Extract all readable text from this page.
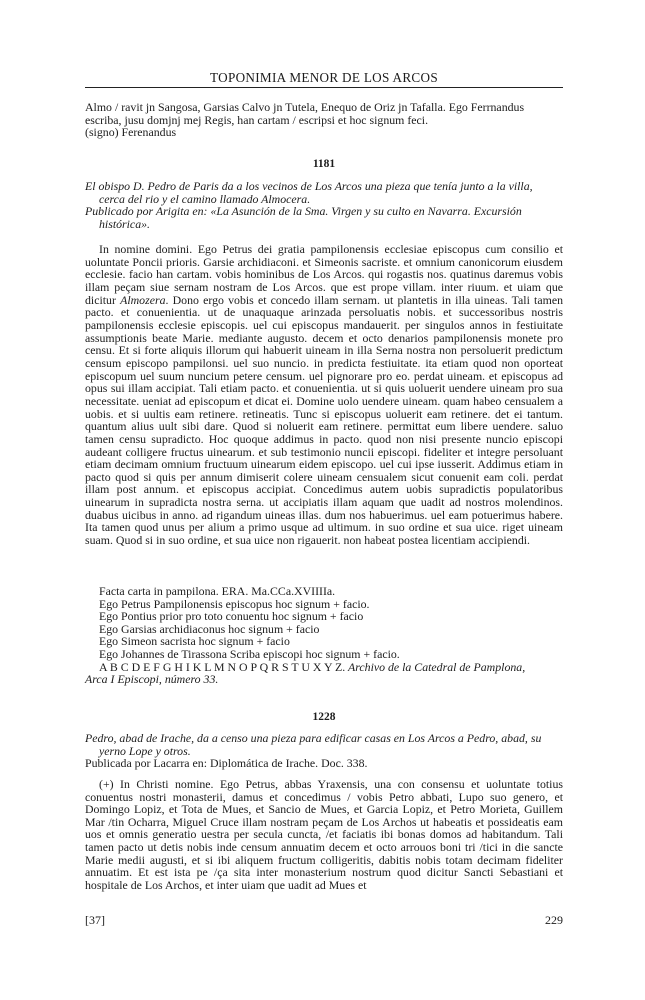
TOPONIMIA MENOR DE LOS ARCOS

Almo / ravit jn Sangosa, Garsias Calvo jn Tutela, Enequo de Oriz jn Tafalla. Ego Ferrnandus

escriba, jusu domjnj mej Regis, han cartam / escripsi et hoc signum feci.

(signo) Ferenandus

1181

El obispo D. Pedro de Paris da a los vecinos de Los Arcos una pieza que tenía junto a la villa,

cerca del rio y el camino llamado Almocera.

Publicado por Arigita en: «La Asunción de la Sma. Virgen y su culto en Navarra. Excursión

histórica».

In nomine domini. Ego Petrus dei gratia pampilonensis ecclesiae episcopus cum consilio et uoluntate Poncii prioris. Garsie archidiaconi. et Simeonis sacriste. et omnium canonicorum eiusdem ecclesie. facio han cartam. vobis hominibus de Los Arcos. qui rogastis nos. quatinus daremus vobis illam peçam siue sernam nostram de Los Arcos. que est prope villam. inter riuum. et uiam que dicitur Almozera. Dono ergo vobis et concedo illam sernam. ut plantetis in illa uineas. Tali tamen pacto. et conuenientia. ut de unaquaque arinzada persoluatis nobis. et successoribus nostris pampilonensis ecclesie episcopis. uel cui episcopus mandauerit. per singulos annos in festiuitate assumptionis beate Marie. mediante augusto. decem et octo denarios pampilonensis monete pro censu. Et si forte aliquis illorum qui habuerit uineam in illa Serna nostra non persoluerit predictum censum episcopo pampilonsi. uel suo nuncio. in predicta festiuitate. ita etiam quod non oporteat episcopum uel suum nuncium petere censum. uel pignorare pro eo. perdat uineam. et episcopus ad opus sui illam accipiat. Tali etiam pacto. et conuenientia. ut si quis uoluerit uendere uineam pro sua necessitate. ueniat ad episcopum et dicat ei. Domine uolo uendere uineam. quam habeo censualem a uobis. et si uultis eam retinere. retineatis. Tunc si episcopus uoluerit eam retinere. det ei tantum. quantum alius uult sibi dare. Quod si noluerit eam retinere. permittat eum libere uendere. saluo tamen censu supradicto. Hoc quoque addimus in pacto. quod non nisi presente nuncio episcopi audeant colligere fructus uinearum. et sub testimonio nuncii episcopi. fideliter et integre persoluant etiam decimam omnium fructuum uinearum eidem episcopo. uel cui ipse iusserit. Addimus etiam in pacto quod si quis per annum dimiserit colere uineam censualem sicut conuenit eam coli. perdat illam post annum. et episcopus accipiat. Concedimus autem uobis supradictis populatoribus uinearum in supradicta nostra serna. ut accipiatis illam aquam que uadit ad nostros molendinos. duabus uicibus in anno. ad rigandum uineas illas. dum nos habuerimus. uel eam potuerimus habere. Ita tamen quod unus per alium a primo usque ad ultimum. in suo ordine et sua uice. riget uineam suam. Quod si in suo ordine, et sua uice non rigauerit. non habeat postea licentiam accipiendi.

Facta carta in pampilona. ERA. Ma.CCa.XVIIIIa.

Ego Petrus Pampilonensis episcopus hoc signum + facio.

Ego Pontius prior pro toto conuentu hoc signum + facio

Ego Garsias archidiaconus hoc signum + facio

Ego Simeon sacrista hoc signum + facio

Ego Johannes de Tirassona Scriba episcopi hoc signum + facio.

A B C D E F G H I K L M N O P Q R S T U X Y Z. Archivo de la Catedral de Pamplona,

Arca I Episcopi, número 33.

1228

Pedro, abad de Irache, da a censo una pieza para edificar casas en Los Arcos a Pedro, abad, su

yerno Lope y otros.

Publicada por Lacarra en: Diplomática de Irache. Doc. 338.

(+) In Christi nomine. Ego Petrus, abbas Yraxensis, una con consensu et uoluntate totius conuentus nostri monasterii, damus et concedimus / vobis Petro abbati, Lupo suo genero, et Domingo Lopiz, et Tota de Mues, et Sancio de Mues, et Garcia Lopiz, et Petro Morieta, Guillem Mar /tin Ocharra, Miguel Cruce illam nostram peçam de Los Archos ut habeatis et possideatis eam uos et omnis generatio uestra per secula cuncta, /et faciatis ibi bonas domos ad habitandum. Tali tamen pacto ut detis nobis inde censum annuatim decem et octo arrouos boni tri /tici in die sancte Marie medii augusti, et si ibi aliquem fructum colligeritis, dabitis nobis totam decimam fideliter annuatim. Et est ista pe /ça sita inter monasterium nostrum quod dicitur Sancti Sebastiani et hospitale de Los Archos, et inter uiam que uadit ad Mues et
[37]	229
